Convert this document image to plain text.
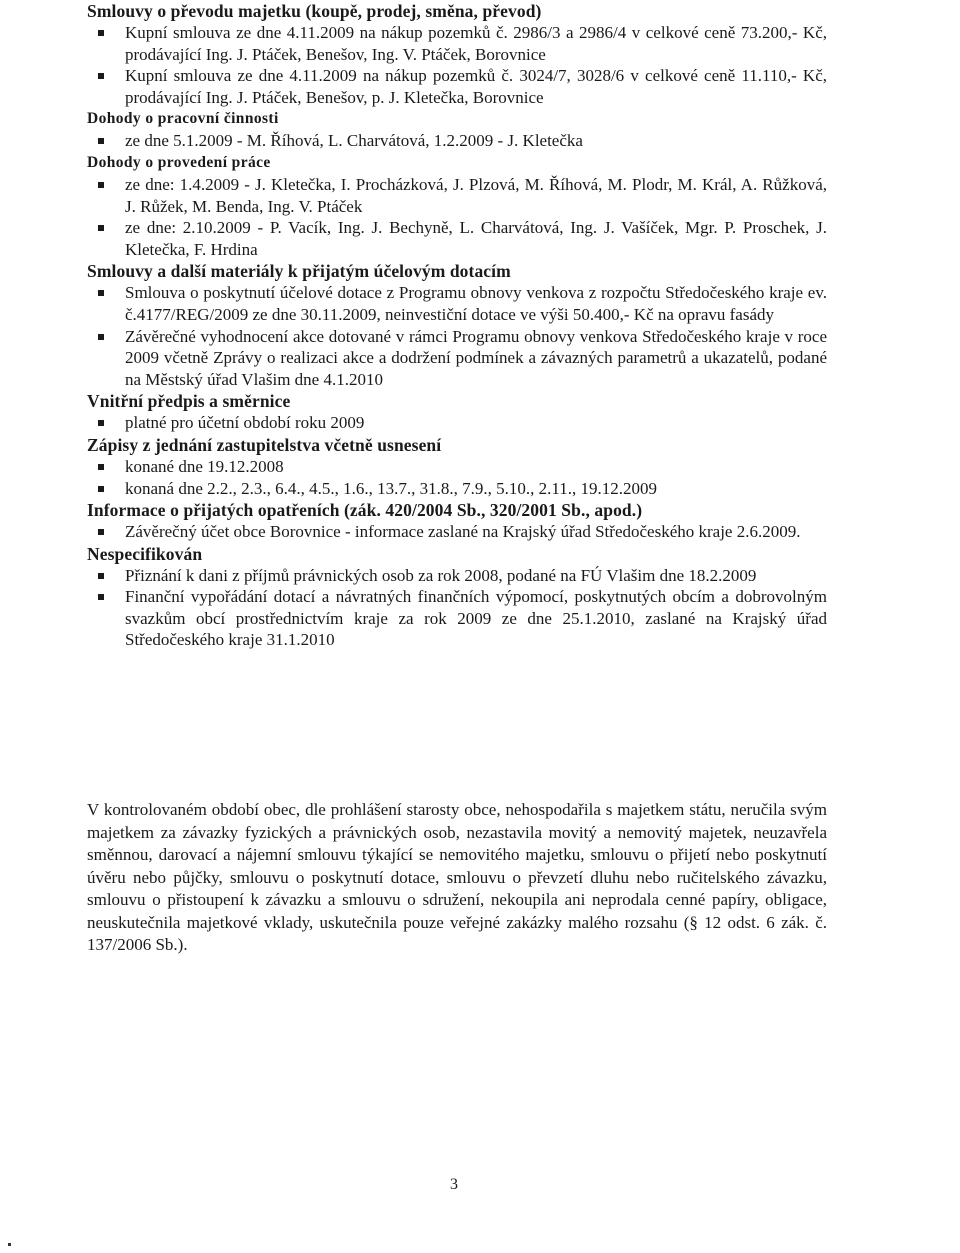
Smlouvy o převodu majetku (koupě, prodej, směna, převod)
Kupní smlouva ze dne 4.11.2009 na nákup pozemků č. 2986/3 a 2986/4 v celkové ceně 73.200,- Kč, prodávající Ing. J. Ptáček, Benešov, Ing. V. Ptáček, Borovnice
Kupní smlouva ze dne 4.11.2009 na nákup pozemků č. 3024/7, 3028/6 v celkové ceně 11.110,- Kč, prodávající Ing. J. Ptáček, Benešov, p. J. Kletečka, Borovnice
Dohody o pracovní činnosti
ze dne 5.1.2009 - M. Říhová, L. Charvátová, 1.2.2009 - J. Kletečka
Dohody o provedení práce
ze dne: 1.4.2009 - J. Kletečka, I. Procházková, J. Plzová, M. Říhová, M. Plodr, M. Král, A. Růžková, J. Růžek, M. Benda, Ing. V. Ptáček
ze dne: 2.10.2009 - P. Vacík, Ing. J. Bechyně, L. Charvátová, Ing. J. Vašíček, Mgr. P. Proschek, J. Kletečka, F. Hrdina
Smlouvy a další materiály k přijatým účelovým dotacím
Smlouva o poskytnutí účelové dotace z Programu obnovy venkova z rozpočtu Středočeského kraje ev. č.4177/REG/2009 ze dne 30.11.2009, neinvestiční dotace ve výši 50.400,- Kč na opravu fasády
Závěrečné vyhodnocení akce dotované v rámci Programu obnovy venkova Středočeského kraje v roce 2009 včetně Zprávy o realizaci akce a dodržení podmínek a závazných parametrů a ukazatelů, podané na Městský úřad Vlašim dne 4.1.2010
Vnitřní předpis a směrnice
platné pro účetní období roku 2009
Zápisy z jednání zastupitelstva včetně usnesení
konané dne 19.12.2008
konaná dne 2.2., 2.3., 6.4., 4.5., 1.6., 13.7., 31.8., 7.9., 5.10., 2.11., 19.12.2009
Informace o přijatých opatřeních (zák. 420/2004 Sb., 320/2001 Sb., apod.)
Závěrečný účet obce Borovnice - informace zaslané na Krajský úřad Středočeského kraje 2.6.2009.
Nespecifikován
Přiznání k dani z příjmů právnických osob za rok 2008, podané na FÚ Vlašim dne 18.2.2009
Finanční vypořádání dotací a návratných finančních výpomocí, poskytnutých obcím a dobrovolným svazkům obcí prostřednictvím kraje za rok 2009 ze dne 25.1.2010, zaslané na Krajský úřad Středočeského kraje 31.1.2010

V kontrolovaném období obec, dle prohlášení starosty obce, nehospodařila s majetkem státu, neručila svým majetkem za závazky fyzických a právnických osob, nezastavila movitý a nemovitý majetek, neuzavřela směnnou, darovací a nájemní smlouvu týkající se nemovitého majetku, smlouvu o přijetí nebo poskytnutí úvěru nebo půjčky, smlouvu o poskytnutí dotace, smlouvu o převzetí dluhu nebo ručitelského závazku, smlouvu o přistoupení k závazku a smlouvu o sdružení, nekoupila ani neprodala cenné papíry, obligace, neuskutečnila majetkové vklady, uskutečnila pouze veřejné zakázky malého rozsahu (§ 12 odst. 6 zák. č. 137/2006 Sb.).

3
